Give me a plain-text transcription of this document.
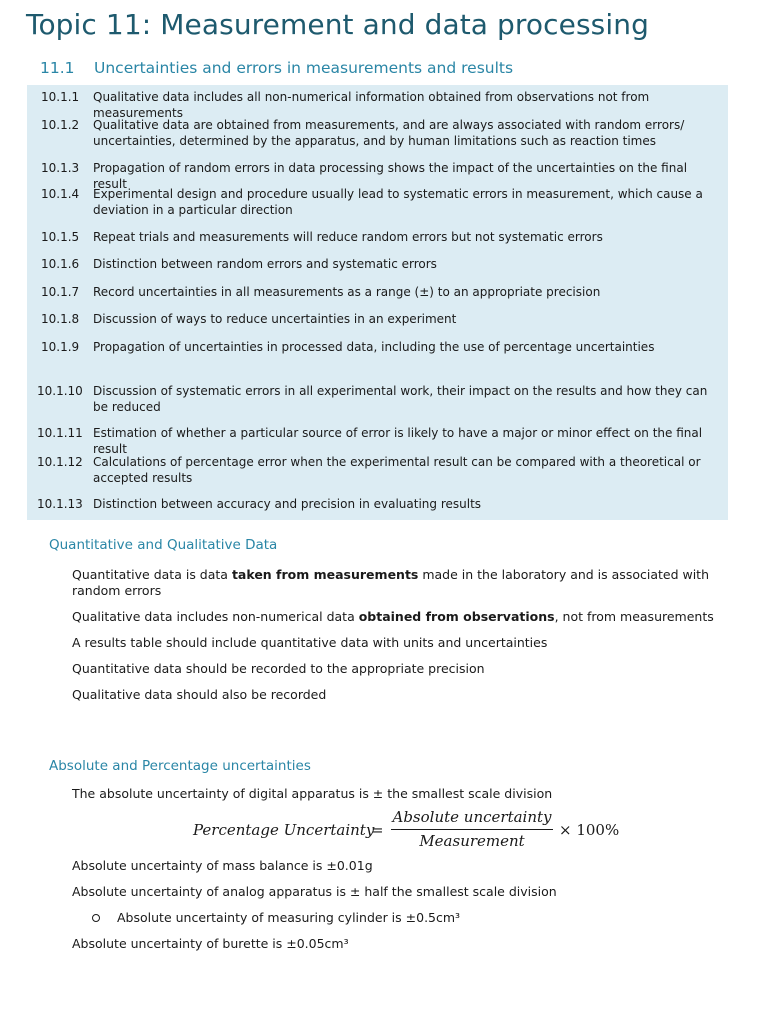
Topic 11: Measurement and data processing
11.1 Uncertainties and errors in measurements and results
10.1.1	Qualitative data includes all non-numerical information obtained from observations not from measurements
10.1.2	Qualitative data are obtained from measurements, and are always associated with random errors/ uncertainties, determined by the apparatus, and by human limitations such as reaction times
10.1.3	Propagation of random errors in data processing shows the impact of the uncertainties on the final result
10.1.4	Experimental design and procedure usually lead to systematic errors in measurement, which cause a deviation in a particular direction
10.1.5	Repeat trials and measurements will reduce random errors but not systematic errors
10.1.6	Distinction between random errors and systematic errors
10.1.7	Record uncertainties in all measurements as a range (±) to an appropriate precision
10.1.8	Discussion of ways to reduce uncertainties in an experiment
10.1.9	Propagation of uncertainties in processed data, including the use of percentage uncertainties
10.1.10 Discussion of systematic errors in all experimental work, their impact on the results and how they can be reduced
10.1.11 Estimation of whether a particular source of error is likely to have a major or minor effect on the final result
10.1.12 Calculations of percentage error when the experimental result can be compared with a theoretical or accepted results
10.1.13 Distinction between accuracy and precision in evaluating results
Quantitative and Qualitative Data

Quantitative data is data taken from measurements made in the laboratory and is associated with random errors

Qualitative data includes non-numerical data obtained from observations, not from measurements

A results table should include quantitative data with units and uncertainties

Quantitative data should be recorded to the appropriate precision

Qualitative data should also be recorded

Absolute and Percentage uncertainties

The absolute uncertainty of digital apparatus is ± the smallest scale division

Percentage Uncertainty
=
Absolute uncertainty
Measurement
× 100%

Absolute uncertainty of mass balance is ±0.01g

Absolute uncertainty of analog apparatus is ± half the smallest scale division

Absolute uncertainty of measuring cylinder is ±0.5cm³

Absolute uncertainty of burette is ±0.05cm³
